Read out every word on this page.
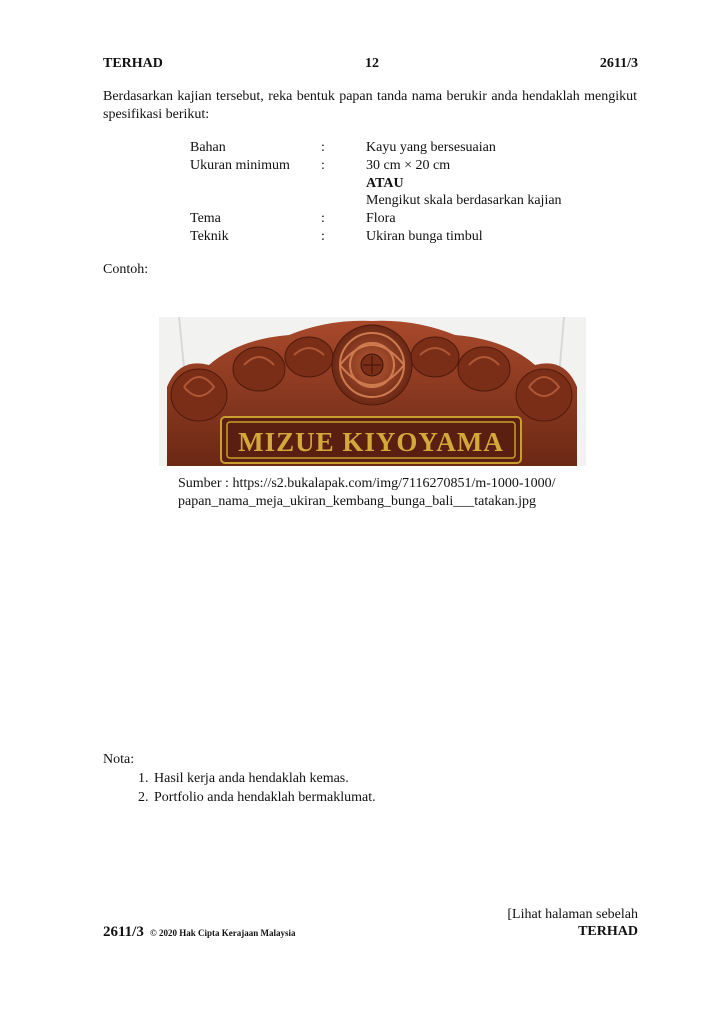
TERHAD	12	2611/3
Berdasarkan kajian tersebut, reka bentuk papan tanda nama berukir anda hendaklah mengikut spesifikasi berikut:
Bahan	:	Kayu yang bersesuaian
Ukuran minimum :	30 cm × 20 cm
ATAU
Mengikut skala berdasarkan kajian
Tema	:	Flora
Teknik	:	Ukiran bunga timbul
Contoh:
MIZUE KIYOYAMA
Sumber : https://s2.bukalapak.com/img/7116270851/m-1000-1000/
papan_nama_meja_ukiran_kembang_bunga_bali___tatakan.jpg
Nota:
1. Hasil kerja anda hendaklah kemas.
2. Portfolio anda hendaklah bermaklumat.
[Lihat halaman sebelah
2611/3 © 2020 Hak Cipta Kerajaan Malaysia	TERHAD
